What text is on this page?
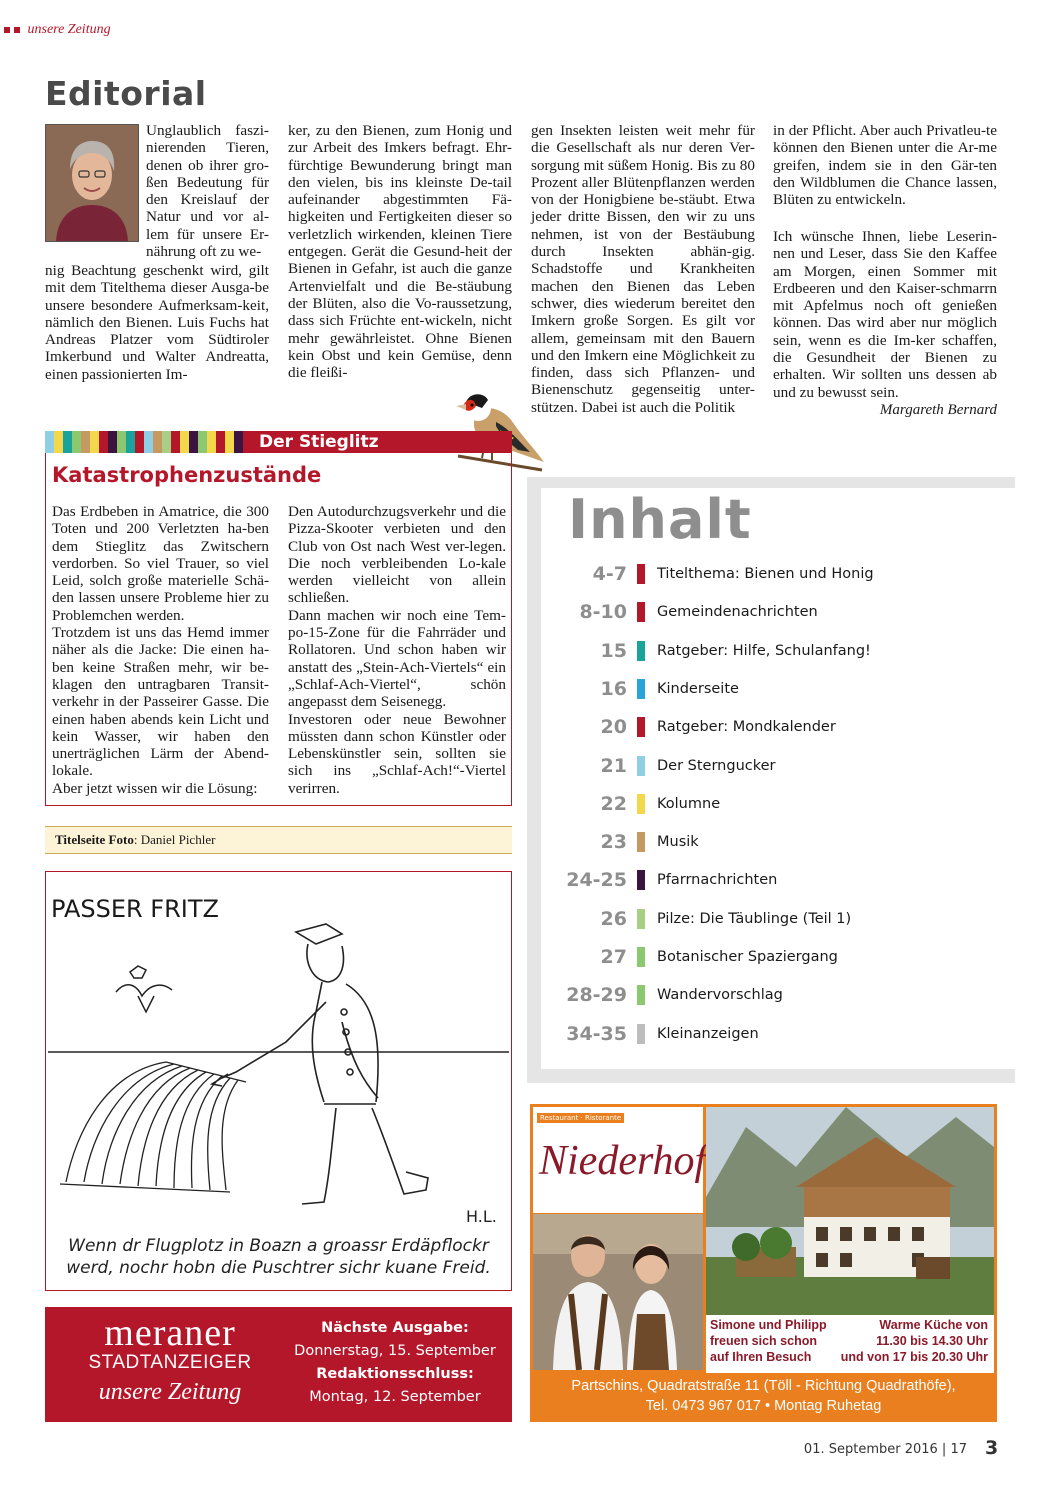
unsere Zeitung
Editorial
Unglaublich faszi-nierenden Tieren, denen ob ihrer gro-ßen Bedeutung für den Kreislauf der Natur und vor al-lem für unsere Er-nährung oft zu we-
nig Beachtung geschenkt wird, gilt mit dem Titelthema dieser Ausga-be unsere besondere Aufmerksam-keit, nämlich den Bienen. Luis Fuchs hat Andreas Platzer vom Südtiroler Imkerbund und Walter Andreatta, einen passionierten Im-
ker, zu den Bienen, zum Honig und zur Arbeit des Imkers befragt. Ehr-fürchtige Bewunderung bringt man den vielen, bis ins kleinste De-tail aufeinander abgestimmten Fä-higkeiten und Fertigkeiten dieser so verletzlich wirkenden, kleinen Tiere entgegen. Gerät die Gesund-heit der Bienen in Gefahr, ist auch die ganze Artenvielfalt und die Be-stäubung der Blüten, also die Vo-raussetzung, dass sich Früchte ent-wickeln, nicht mehr gewährleistet. Ohne Bienen kein Obst und kein Gemüse, denn die fleißi-
gen Insekten leisten weit mehr für die Gesellschaft als nur deren Ver-sorgung mit süßem Honig. Bis zu 80 Prozent aller Blütenpflanzen werden von der Honigbiene be-stäubt. Etwa jeder dritte Bissen, den wir zu uns nehmen, ist von der Bestäubung durch Insekten abhän-gig. Schadstoffe und Krankheiten machen den Bienen das Leben schwer, dies wiederum bereitet den Imkern große Sorgen. Es gilt vor allem, gemeinsam mit den Bauern und den Imkern eine Möglichkeit zu finden, dass sich Pflanzen- und Bienenschutz gegenseitig unter-stützen. Dabei ist auch die Politik
in der Pflicht. Aber auch Privatleu-te können den Bienen unter die Ar-me greifen, indem sie in den Gär-ten den Wildblumen die Chance lassen, Blüten zu entwickeln.
Ich wünsche Ihnen, liebe Leserin-nen und Leser, dass Sie den Kaffee am Morgen, einen Sommer mit Erdbeeren und den Kaiser-schmarrn mit Apfelmus noch oft genießen können. Das wird aber nur möglich sein, wenn es die Im-ker schaffen, die Gesundheit der Bienen zu erhalten. Wir sollten uns dessen ab und zu bewusst sein.
Margareth Bernard
Der Stieglitz
Katastrophenzustände
Das Erdbeben in Amatrice, die 300 Toten und 200 Verletzten ha-ben dem Stieglitz das Zwitschern verdorben. So viel Trauer, so viel Leid, solch große materielle Schä-den lassen unsere Probleme hier zu Problemchen werden.
Trotzdem ist uns das Hemd immer näher als die Jacke: Die einen ha-ben keine Straßen mehr, wir be-klagen den untragbaren Transit-verkehr in der Passeirer Gasse. Die einen haben abends kein Licht und kein Wasser, wir haben den unerträglichen Lärm der Abend-lokale.
Aber jetzt wissen wir die Lösung:
Den Autodurchzugsverkehr und die Pizza-Skooter verbieten und den Club von Ost nach West ver-legen. Die noch verbleibenden Lo-kale werden vielleicht von allein schließen.
Dann machen wir noch eine Tem-po-15-Zone für die Fahrräder und Rollatoren. Und schon haben wir anstatt des „Stein-Ach-Viertels“ ein „Schlaf-Ach-Viertel“, schön angepasst dem Seisenegg.
Investoren oder neue Bewohner müssten dann schon Künstler oder Lebenskünstler sein, sollten sie sich ins „Schlaf-Ach!“-Viertel verirren.
Titelseite Foto: Daniel Pichler
PASSER FRITZ
H.L.
Wenn dr Flugplotz in Boazn a groassr Erdäpflockr
werd, nochr hobn die Puschtrer sichr kuane Freid.
meraner
STADTANZEIGER
unsere Zeitung
Nächste Ausgabe:
Donnerstag, 15. September
Redaktionsschluss:
Montag, 12. September
Inhalt
4-7 Titelthema: Bienen und Honig
8-10 Gemeindenachrichten
15 Ratgeber: Hilfe, Schulanfang!
16 Kinderseite
20 Ratgeber: Mondkalender
21 Der Sterngucker
22 Kolumne
23 Musik
24-25 Pfarrnachrichten
26 Pilze: Die Täublinge (Teil 1)
27 Botanischer Spaziergang
28-29 Wandervorschlag
34-35 Kleinanzeigen
Restaurant · Ristorante
Niederhof
Simone und Philipp freuen sich schon auf Ihren Besuch
Warme Küche von
11.30 bis 14.30 Uhr
und von 17 bis 20.30 Uhr
Partschins, Quadratstraße 11 (Töll - Richtung Quadrathöfe),
Tel. 0473 967 017 • Montag Ruhetag
01. September 2016 | 17 3
